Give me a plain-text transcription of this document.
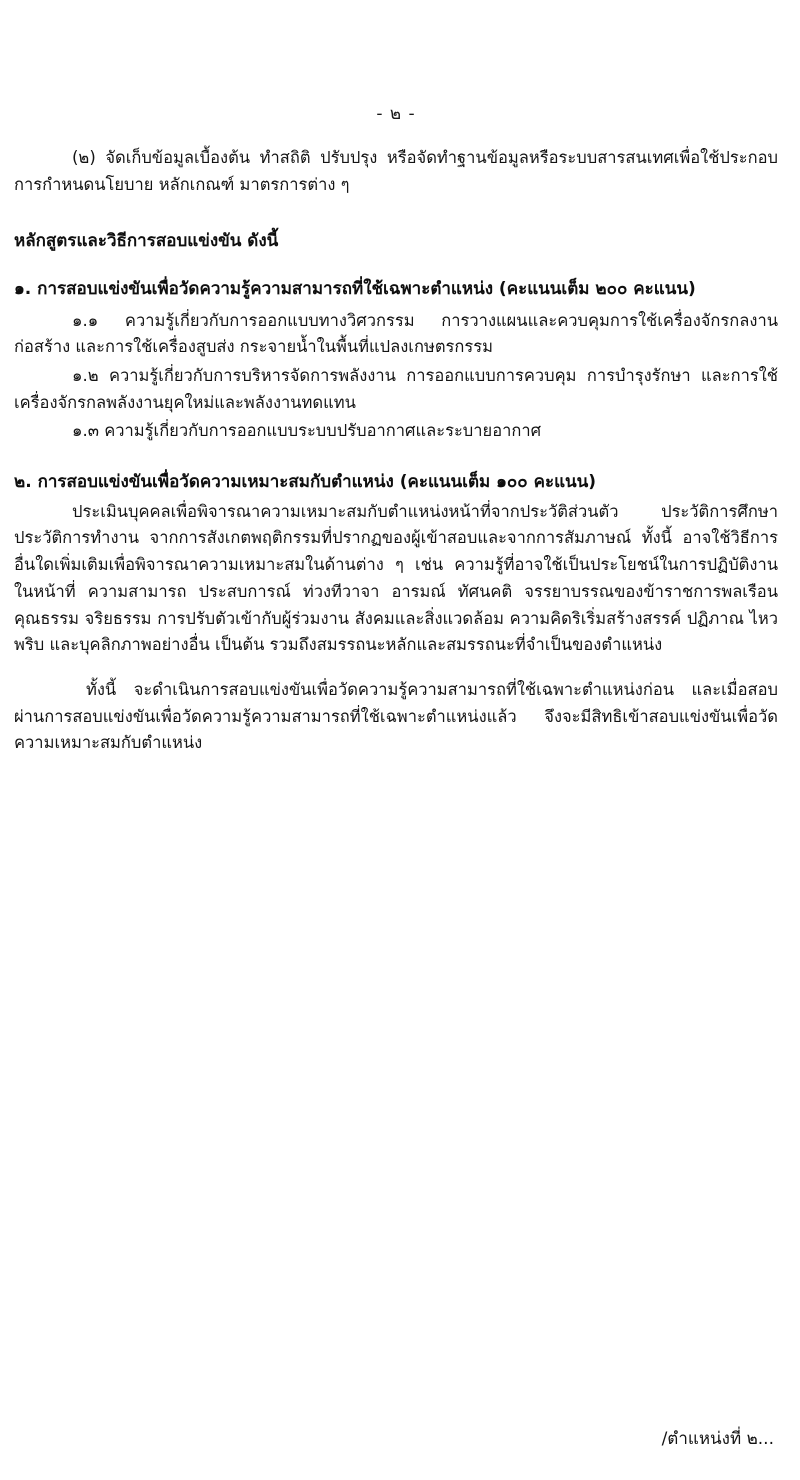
- ๒ -
(๒) จัดเก็บข้อมูลเบื้องต้น ทำสถิติ ปรับปรุง หรือจัดทำฐานข้อมูลหรือระบบสารสนเทศเพื่อใช้ประกอบการกำหนดนโยบาย หลักเกณฑ์ มาตรการต่าง ๆ
หลักสูตรและวิธีการสอบแข่งขัน ดังนี้
๑. การสอบแข่งขันเพื่อวัดความรู้ความสามารถที่ใช้เฉพาะตำแหน่ง (คะแนนเต็ม ๒๐๐ คะแนน)
๑.๑ ความรู้เกี่ยวกับการออกแบบทางวิศวกรรม การวางแผนและควบคุมการใช้เครื่องจักรกลงานก่อสร้าง และการใช้เครื่องสูบส่ง กระจายน้ำในพื้นที่แปลงเกษตรกรรม
๑.๒ ความรู้เกี่ยวกับการบริหารจัดการพลังงาน การออกแบบการควบคุม การบำรุงรักษา และการใช้เครื่องจักรกลพลังงานยุคใหม่และพลังงานทดแทน
๑.๓ ความรู้เกี่ยวกับการออกแบบระบบปรับอากาศและระบายอากาศ
๒. การสอบแข่งขันเพื่อวัดความเหมาะสมกับตำแหน่ง (คะแนนเต็ม ๑๐๐ คะแนน)
ประเมินบุคคลเพื่อพิจารณาความเหมาะสมกับตำแหน่งหน้าที่จากประวัติส่วนตัว ประวัติการศึกษา ประวัติการทำงาน จากการสังเกตพฤติกรรมที่ปรากฏของผู้เข้าสอบและจากการสัมภาษณ์ ทั้งนี้ อาจใช้วิธีการอื่นใดเพิ่มเติมเพื่อพิจารณาความเหมาะสมในด้านต่าง ๆ เช่น ความรู้ที่อาจใช้เป็นประโยชน์ในการปฏิบัติงานในหน้าที่ ความสามารถ ประสบการณ์ ท่วงทีวาจา อารมณ์ ทัศนคติ จรรยาบรรณของข้าราชการพลเรือน คุณธรรม จริยธรรม การปรับตัวเข้ากับผู้ร่วมงาน สังคมและสิ่งแวดล้อม ความคิดริเริ่มสร้างสรรค์ ปฏิภาณ ไหวพริบ และบุคลิกภาพอย่างอื่น เป็นต้น รวมถึงสมรรถนะหลักและสมรรถนะที่จำเป็นของตำแหน่ง
ทั้งนี้ จะดำเนินการสอบแข่งขันเพื่อวัดความรู้ความสามารถที่ใช้เฉพาะตำแหน่งก่อน และเมื่อสอบผ่านการสอบแข่งขันเพื่อวัดความรู้ความสามารถที่ใช้เฉพาะตำแหน่งแล้ว จึงจะมีสิทธิเข้าสอบแข่งขันเพื่อวัดความเหมาะสมกับตำแหน่ง
/ตำแหน่งที่ ๒...
